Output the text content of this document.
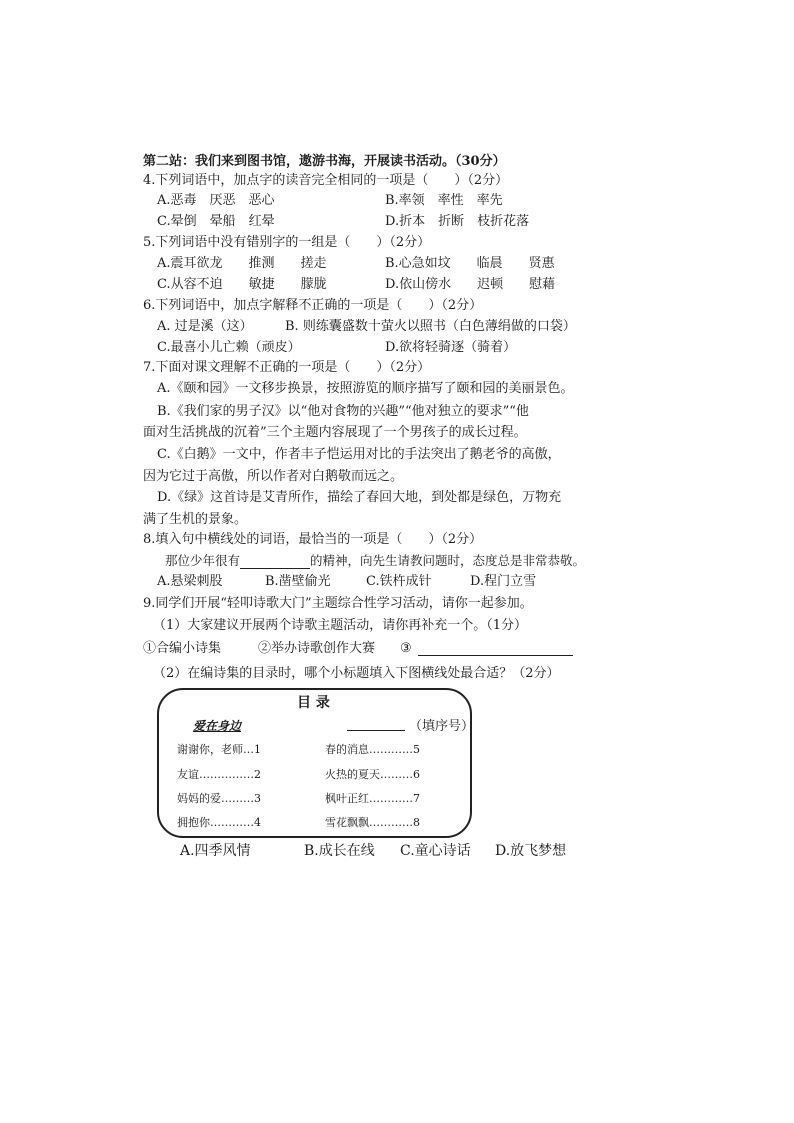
第二站：我们来到图书馆，遨游书海，开展读书活动。（30分）
4.下列词语中，加点字的读音完全相同的一项是（　　）（2分）
A.恶毒　厌恶　恶心	B.率领　率性　率先
C.晕倒　晕船　红晕	D.折本　折断　枝折花落
5.下列词语中没有错别字的一组是（　　）（2分）
A.震耳欲龙　　推测　　搓走	B.心急如坟　　临晨　　贤惠
C.从容不迫　　敏捷　　朦胧	D.依山傍水　　迟顿　　慰藉
6.下列词语中，加点字解释不正确的一项是（　　）（2分）
A. 过是溪（这） B. 则练囊盛数十萤火以照书（白色薄绢做的口袋）
C.最喜小儿亡赖（顽皮）	D.欲将轻骑逐（骑着）
7.下面对课文理解不正确的一项是（　　）（2分）
A.《颐和园》一文移步换景，按照游览的顺序描写了颐和园的美丽景色。
B.《我们家的男子汉》以“他对食物的兴趣”“他对独立的要求”“他
面对生活挑战的沉着”三个主题内容展现了一个男孩子的成长过程。
C.《白鹅》一文中，作者丰子恺运用对比的手法突出了鹅老爷的高傲，
因为它过于高傲，所以作者对白鹅敬而远之。
D.《绿》这首诗是艾青所作，描绘了春回大地，到处都是绿色，万物充
满了生机的景象。
8.填入句中横线处的词语，最恰当的一项是（　　）（2分）
那位少年很有	的精神，向先生请教问题时，态度总是非常恭敬。
A.悬梁刺股	B.凿壁偷光	C.铁杵成针	D.程门立雪
9.同学们开展“轻叩诗歌大门”主题综合性学习活动，请你一起参加。
（1）大家建议开展两个诗歌主题活动，请你再补充一个。（1分）
①合编小诗集	②举办诗歌创作大赛 ③
（2）在编诗集的目录时，哪个小标题填入下图横线处最合适？（2分）
目 录
爱在身边	（填序号）
谢谢你，老师…1
友谊……………2
妈妈的爱………3
拥抱你…………4
春的消息…………5
火热的夏天………6
枫叶正红…………7
雪花飘飘…………8
A.四季风情	B.成长在线 C.童心诗话 D.放飞梦想
